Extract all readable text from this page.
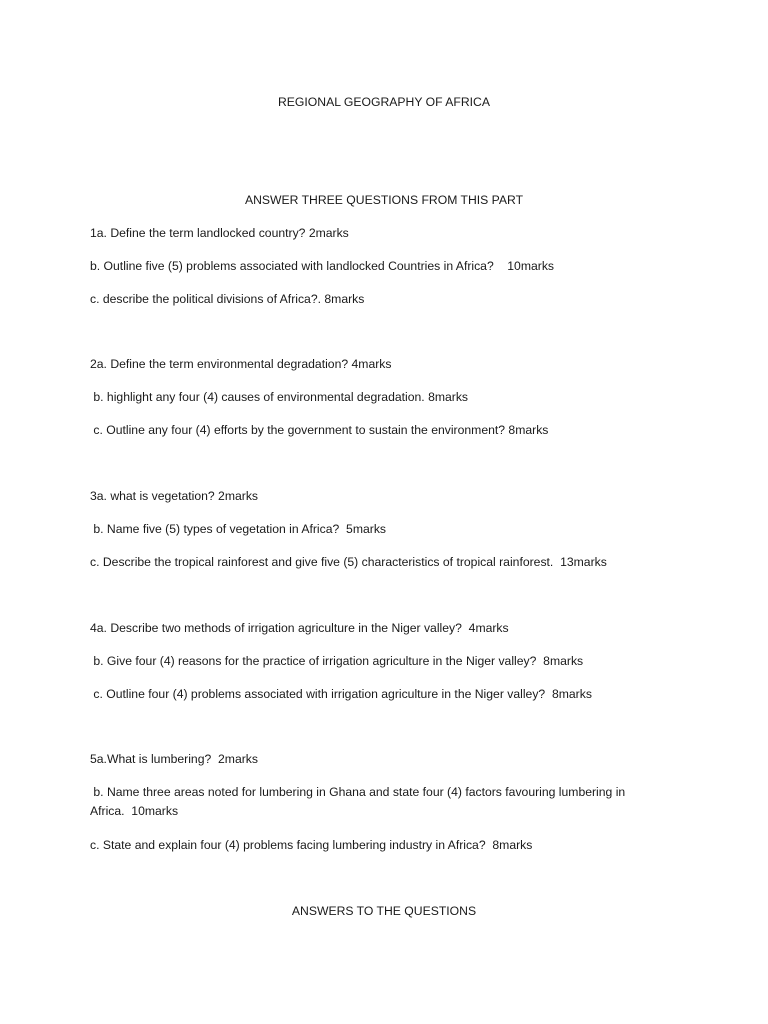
REGIONAL GEOGRAPHY OF AFRICA
ANSWER THREE QUESTIONS FROM THIS PART
1a. Define the term landlocked country? 2marks
b. Outline five (5) problems associated with landlocked Countries in Africa?    10marks
c. describe the political divisions of Africa?. 8marks
2a. Define the term environmental degradation? 4marks
b. highlight any four (4) causes of environmental degradation. 8marks
c. Outline any four (4) efforts by the government to sustain the environment? 8marks
3a. what is vegetation? 2marks
b. Name five (5) types of vegetation in Africa?  5marks
c. Describe the tropical rainforest and give five (5) characteristics of tropical rainforest.  13marks
4a. Describe two methods of irrigation agriculture in the Niger valley?  4marks
b. Give four (4) reasons for the practice of irrigation agriculture in the Niger valley?  8marks
c. Outline four (4) problems associated with irrigation agriculture in the Niger valley?  8marks
5a.What is lumbering?  2marks
b. Name three areas noted for lumbering in Ghana and state four (4) factors favouring lumbering in Africa.  10marks
c. State and explain four (4) problems facing lumbering industry in Africa?  8marks
ANSWERS TO THE QUESTIONS
